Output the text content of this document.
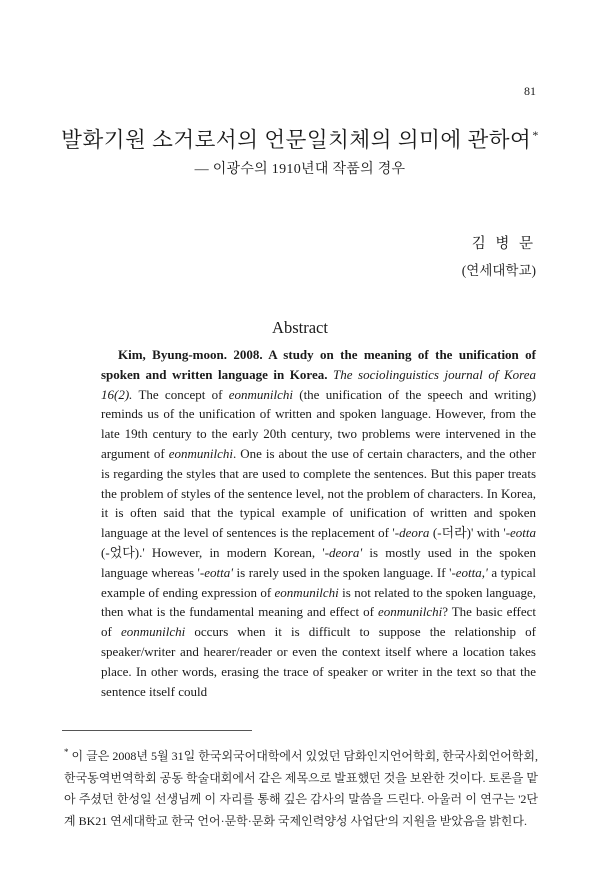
81
발화기원 소거로서의 언문일치체의 의미에 관하여*
— 이광수의 1910년대 작품의 경우
김 병 문
(연세대학교)
Abstract

Kim, Byung-moon. 2008. A study on the meaning of the unification of spoken and written language in Korea. The sociolinguistics journal of Korea 16(2). The concept of eonmunilchi (the unification of the speech and writing) reminds us of the unification of written and spoken language. However, from the late 19th century to the early 20th century, two problems were intervened in the argument of eonmunilchi. One is about the use of certain characters, and the other is regarding the styles that are used to complete the sentences. But this paper treats the problem of styles of the sentence level, not the problem of characters. In Korea, it is often said that the typical example of unification of written and spoken language at the level of sentences is the replacement of '-deora (-더라)' with '-eotta (-었다).' However, in modern Korean, '-deora' is mostly used in the spoken language whereas '-eotta' is rarely used in the spoken language. If '-eotta,' a typical example of ending expression of eonmunilchi is not related to the spoken language, then what is the fundamental meaning and effect of eonmunilchi? The basic effect of eonmunilchi occurs when it is difficult to suppose the relationship of speaker/writer and hearer/reader or even the context itself where a location takes place. In other words, erasing the trace of speaker or writer in the text so that the sentence itself could

* 이 글은 2008년 5월 31일 한국외국어대학에서 있었던 담화인지언어학회, 한국사회언어학회, 한국동역번역학회 공동 학술대회에서 같은 제목으로 발표했던 것을 보완한 것이다. 토론을 맡아 주셨던 한성일 선생님께 이 자리를 통해 깊은 감사의 말씀을 드린다. 아울러 이 연구는 '2단계 BK21 연세대학교 한국 언어·문학·문화 국제인력양성 사업단'의 지원을 받았음을 밝힌다.
